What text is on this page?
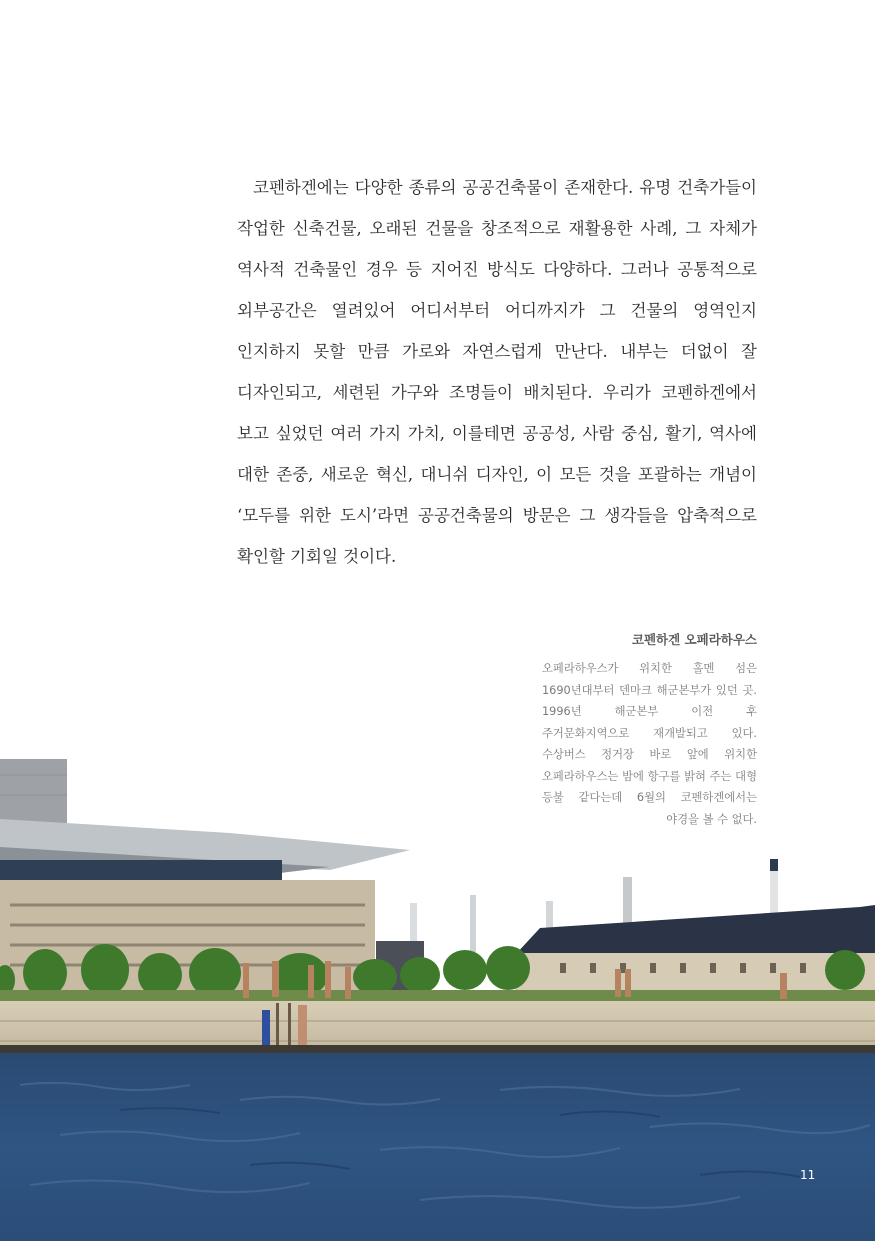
코펜하겐에는 다양한 종류의 공공건축물이 존재한다. 유명 건축가들이 작업한 신축건물, 오래된 건물을 창조적으로 재활용한 사례, 그 자체가 역사적 건축물인 경우 등 지어진 방식도 다양하다. 그러나 공통적으로 외부공간은 열려있어 어디서부터 어디까지가 그 건물의 영역인지 인지하지 못할 만큼 가로와 자연스럽게 만난다. 내부는 더없이 잘 디자인되고, 세련된 가구와 조명들이 배치된다. 우리가 코펜하겐에서 보고 싶었던 여러 가지 가치, 이를테면 공공성, 사람 중심, 활기, 역사에 대한 존중, 새로운 혁신, 대니쉬 디자인, 이 모든 것을 포괄하는 개념이 ‘모두를 위한 도시’라면 공공건축물의 방문은 그 생각들을 압축적으로 확인할 기회일 것이다.
코펜하겐 오페라하우스
오페라하우스가 위치한 홀멘 섬은 1690년대부터 덴마크 해군본부가 있던 곳. 1996년 해군본부 이전 후 주거문화지역으로 재개발되고 있다. 수상버스 정거장 바로 앞에 위치한 오페라하우스는 밤에 항구를 밝혀 주는 대형 등불 같다는데 6월의 코펜하겐에서는 야경을 볼 수 없다.
11
